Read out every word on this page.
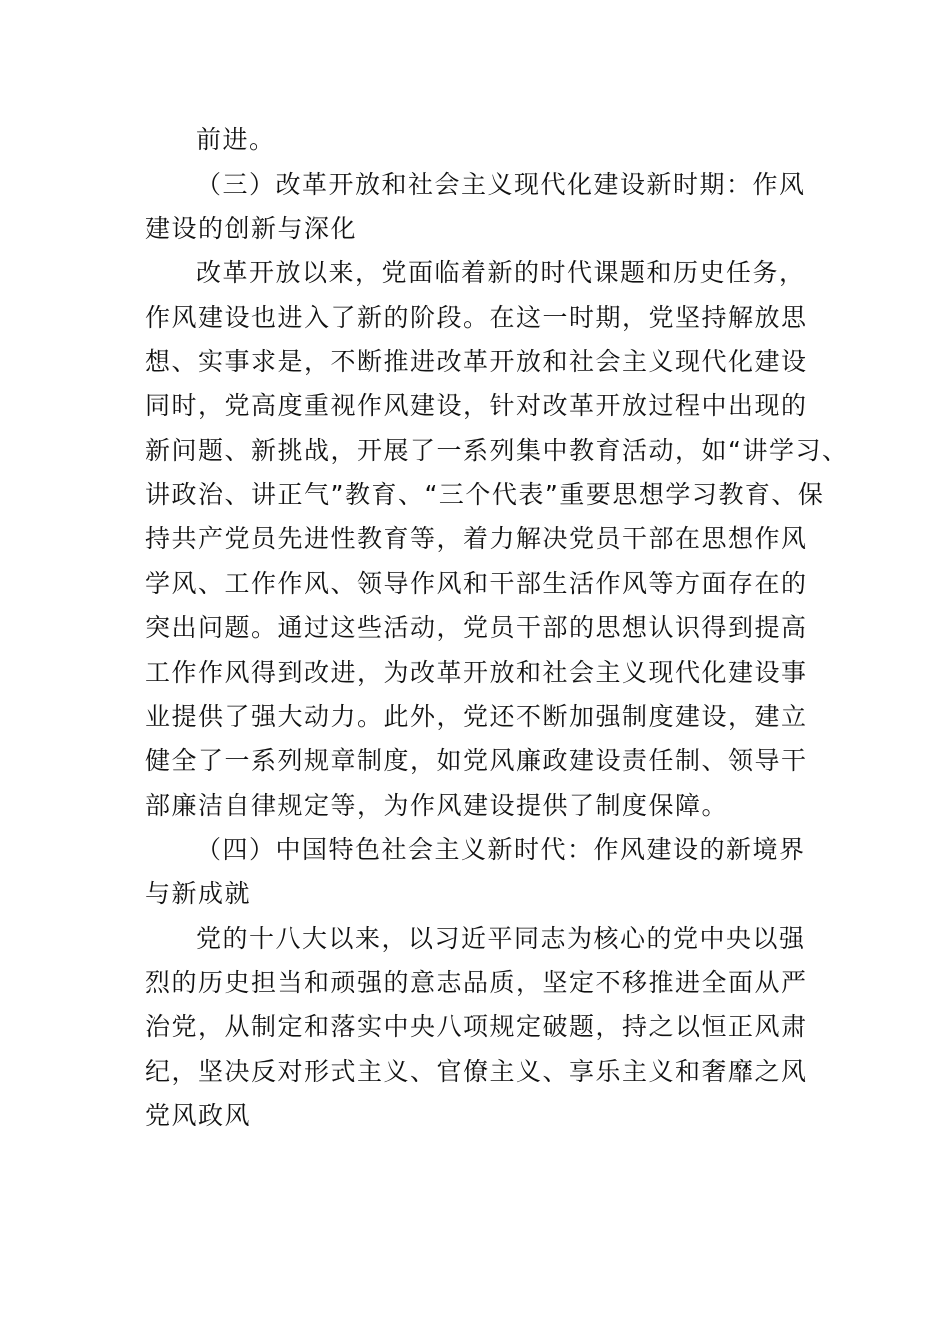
前进。
（三）改革开放和社会主义现代化建设新时期：作风
建设的创新与深化
改革开放以来，党面临着新的时代课题和历史任务，
作风建设也进入了新的阶段。在这一时期，党坚持解放思
想、实事求是，不断推进改革开放和社会主义现代化建设
同时，党高度重视作风建设，针对改革开放过程中出现的
新问题、新挑战，开展了一系列集中教育活动，如“讲学习、
讲政治、讲正气”教育、“三个代表”重要思想学习教育、保
持共产党员先进性教育等，着力解决党员干部在思想作风
学风、工作作风、领导作风和干部生活作风等方面存在的
突出问题。通过这些活动，党员干部的思想认识得到提高
工作作风得到改进，为改革开放和社会主义现代化建设事
业提供了强大动力。此外，党还不断加强制度建设，建立
健全了一系列规章制度，如党风廉政建设责任制、领导干
部廉洁自律规定等，为作风建设提供了制度保障。
（四）中国特色社会主义新时代：作风建设的新境界
与新成就
党的十八大以来，以习近平同志为核心的党中央以强
烈的历史担当和顽强的意志品质，坚定不移推进全面从严
治党，从制定和落实中央八项规定破题，持之以恒正风肃
纪，坚决反对形式主义、官僚主义、享乐主义和奢靡之风
党风政风
